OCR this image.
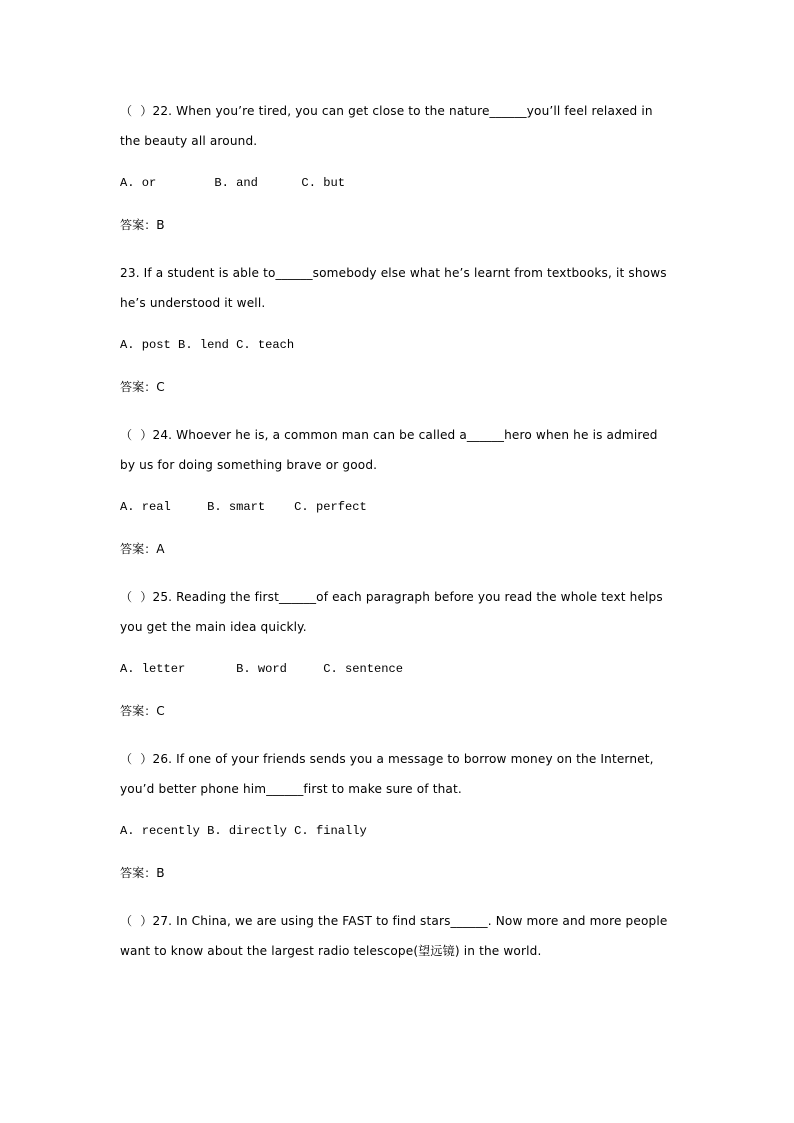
（  ）22. When you’re tired, you can get close to the nature______you’ll feel relaxed in the beauty all around.
A. or        B. and      C. but
答案：B
23. If a student is able to______somebody else what he’s learnt from textbooks, it shows he’s understood it well.
A. post B. lend C. teach
答案：C
（  ）24. Whoever he is, a common man can be called a______hero when he is admired by us for doing something brave or good.
A. real     B. smart    C. perfect
答案：A
（  ）25. Reading the first______of each paragraph before you read the whole text helps you get the main idea quickly.
A. letter       B. word     C. sentence
答案：C
（  ）26. If one of your friends sends you a message to borrow money on the Internet, you’d better phone him______first to make sure of that.
A. recently B. directly C. finally
答案：B
（  ）27. In China, we are using the FAST to find stars______. Now more and more people want to know about the largest radio telescope(望远镜) in the world.
